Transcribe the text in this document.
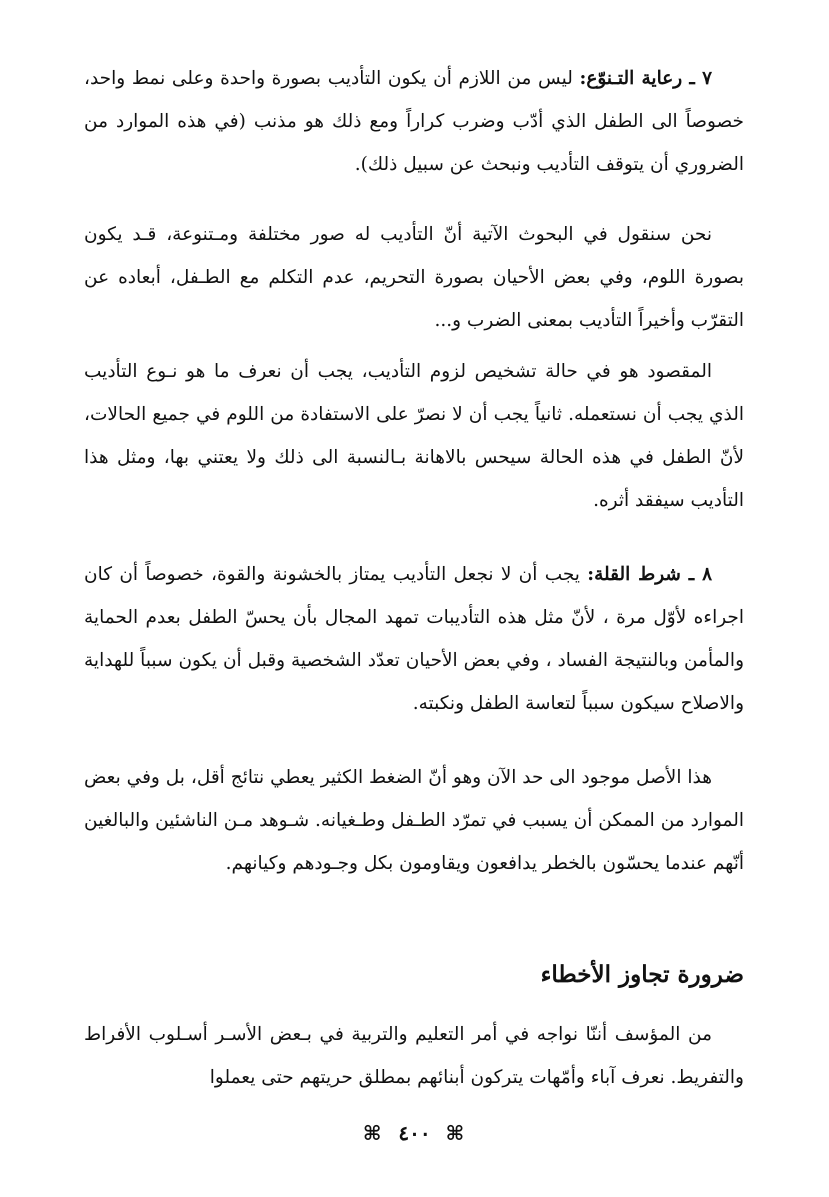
٧ ـ رعاية التـنوّع: ليس من اللازم أن يكون التأديب بصورة واحدة وعلى نمط واحد، خصوصاً الى الطفل الذي أدّب وضرب كراراً ومع ذلك هو مذنب (في هذه الموارد من الضروري أن يتوقف التأديب ونبحث عن سبيل ذلك).

نحن سنقول في البحوث الآتية أنّ التأديب له صور مختلفة ومـتنوعة، قـد يكون بصورة اللوم، وفي بعض الأحيان بصورة التحريم، عدم التكلم مع الطـفل، أبعاده عن التقرّب وأخيراً التأديب بمعنى الضرب و...

المقصود هو في حالة تشخيص لزوم التأديب، يجب أن نعرف ما هو نـوع التأديب الذي يجب أن نستعمله. ثانياً يجب أن لا نصرّ على الاستفادة من اللوم في جميع الحالات، لأنّ الطفل في هذه الحالة سيحس بالاهانة بـالنسبة الى ذلك ولا يعتني بها، ومثل هذا التأديب سيفقد أثره.

٨ ـ شرط القلة: يجب أن لا نجعل التأديب يمتاز بالخشونة والقوة، خصوصاً أن كان اجراءه لأوّل مرة ، لأنّ مثل هذه التأديبات تمهد المجال بأن يحسّ الطفل بعدم الحماية والمأمن وبالنتيجة الفساد ، وفي بعض الأحيان تعدّد الشخصية وقبل أن يكون سبباً للهداية والاصلاح سيكون سبباً لتعاسة الطفل ونكبته.

هذا الأصل موجود الى حد الآن وهو أنّ الضغط الكثير يعطي نتائج أقل، بل وفي بعض الموارد من الممكن أن يسبب في تمرّد الطـفل وطـغيانه. شـوهد مـن الناشئين والبالغين أنّهم عندما يحسّون بالخطر يدافعون ويقاومون بكل وجـودهم وكيانهم.

ضرورة تجاوز الأخطاء

من المؤسف أننّا نواجه في أمر التعليم والتربية في بـعض الأسـر أسـلوب الأفراط والتفريط. نعرف آباء وأمّهات يتركون أبنائهم بمطلق حريتهم حتى يعملوا

⌘ ٤٠٠ ⌘
